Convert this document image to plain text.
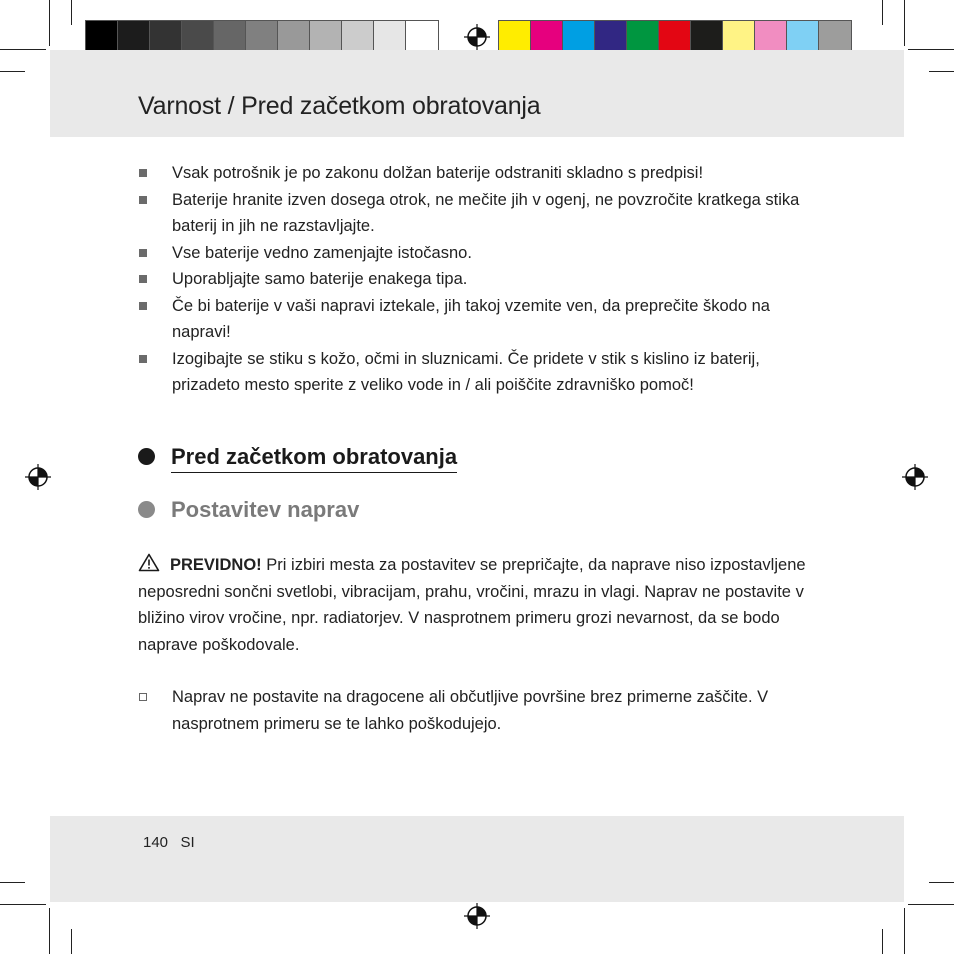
Varnost / Pred začetkom obratovanja
Vsak potrošnik je po zakonu dolžan baterije odstraniti skladno s predpisi!
Baterije hranite izven dosega otrok, ne mečite jih v ogenj, ne povzročite kratkega stika baterij in jih ne razstavljajte.
Vse baterije vedno zamenjajte istočasno.
Uporabljajte samo baterije enakega tipa.
Če bi baterije v vaši napravi iztekale, jih takoj vzemite ven, da preprečite škodo na napravi!
Izogibajte se stiku s kožo, očmi in sluznicami. Če pridete v stik s kislino iz baterij, prizadeto mesto sperite z veliko vode in / ali poiščite zdravniško pomoč!
Pred začetkom obratovanja
Postavitev naprav
PREVIDNO! Pri izbiri mesta za postavitev se prepričajte, da naprave niso izpostavljene neposredni sončni svetlobi, vibracijam, prahu, vročini, mrazu in vlagi. Naprav ne postavite v bližino virov vročine, npr. radiatorjev. V nasprotnem primeru grozi nevarnost, da se bodo naprave poškodovale.
Naprav ne postavite na dragocene ali občutljive površine brez primerne zaščite. V nasprotnem primeru se te lahko poškodujejo.
140 SI
